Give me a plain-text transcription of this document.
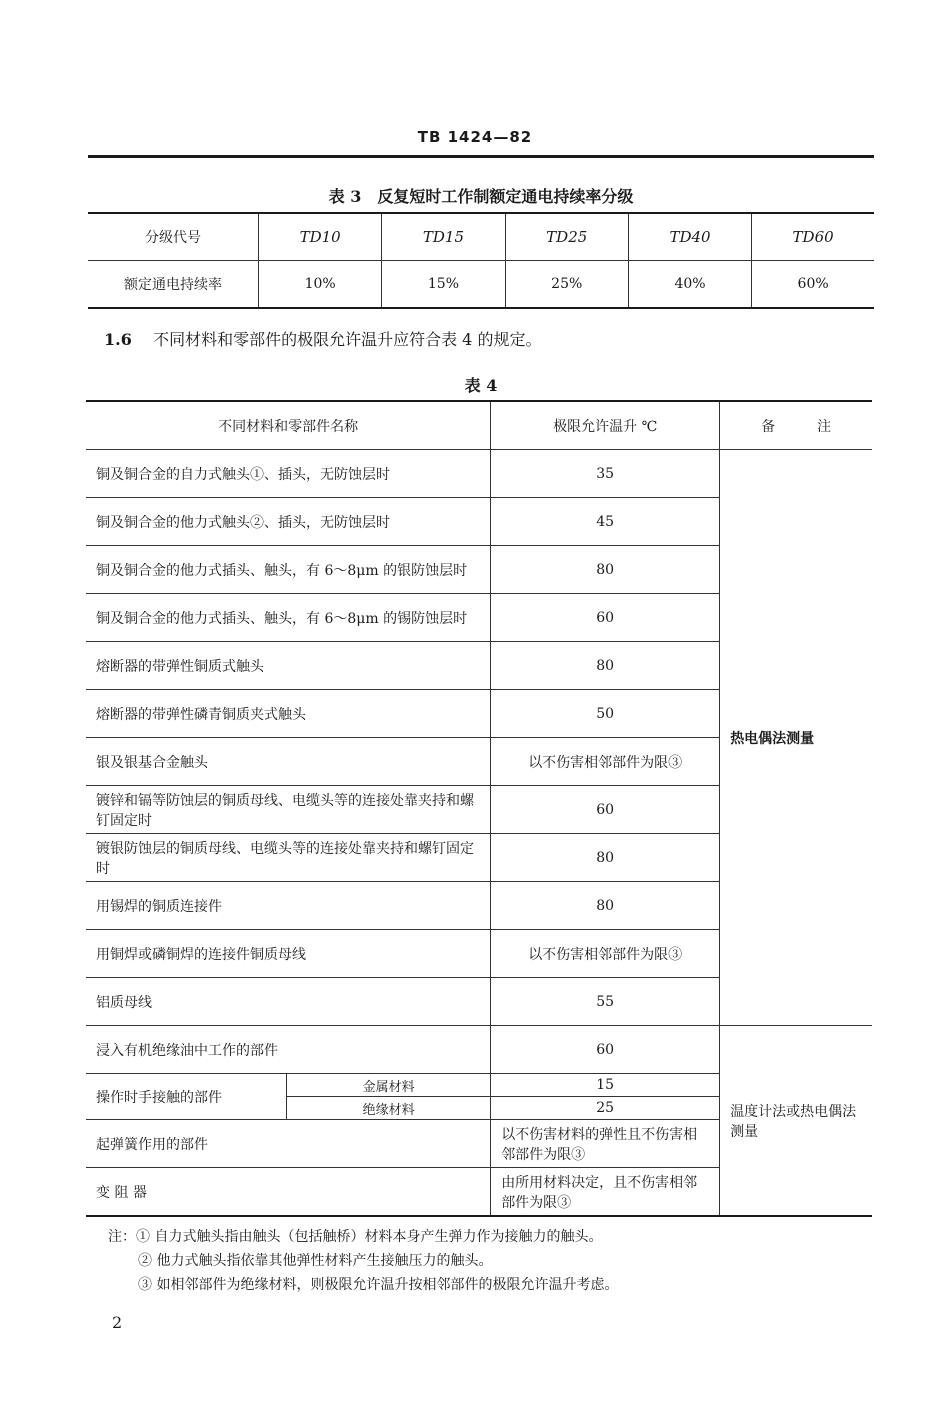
TB 1424—82
表 3　反复短时工作制额定通电持续率分级
分级代号	TD10	TD15	TD25	TD40	TD60
额定通电持续率	10%	15%	25%	40%	60%
1.6 不同材料和零部件的极限允许温升应符合表 4 的规定。
表 4
不同材料和零部件名称		极限允许温升 ℃	备　　　注
铜及铜合金的自力式触头①、插头，无防蚀层时		35	热电偶法测量
铜及铜合金的他力式触头②、插头，无防蚀层时		45	
铜及铜合金的他力式插头、触头，有 6～8μm 的银防蚀层时		80	
铜及铜合金的他力式插头、触头，有 6～8μm 的锡防蚀层时		60	
熔断器的带弹性铜质式触头		80	
熔断器的带弹性磷青铜质夹式触头		50	
银及银基合金触头		以不伤害相邻部件为限③	
镀锌和镉等防蚀层的铜质母线、电缆头等的连接处靠夹持和螺钉固定时		60	
镀银防蚀层的铜质母线、电缆头等的连接处靠夹持和螺钉固定时		80	
用锡焊的铜质连接件		80	
用铜焊或磷铜焊的连接件铜质母线		以不伤害相邻部件为限③	
铝质母线		55	
浸入有机绝缘油中工作的部件		60	温度计法或热电偶法测量
操作时手接触的部件	金属材料	15	
	绝缘材料	25	
起弹簧作用的部件		以不伤害材料的弹性且不伤害相邻部件为限③	
变 阻 器		由所用材料决定，且不伤害相邻部件为限③	
注：① 自力式触头指由触头（包括触桥）材料本身产生弹力作为接触力的触头。
② 他力式触头指依靠其他弹性材料产生接触压力的触头。
③ 如相邻部件为绝缘材料，则极限允许温升按相邻部件的极限允许温升考虑。
2
